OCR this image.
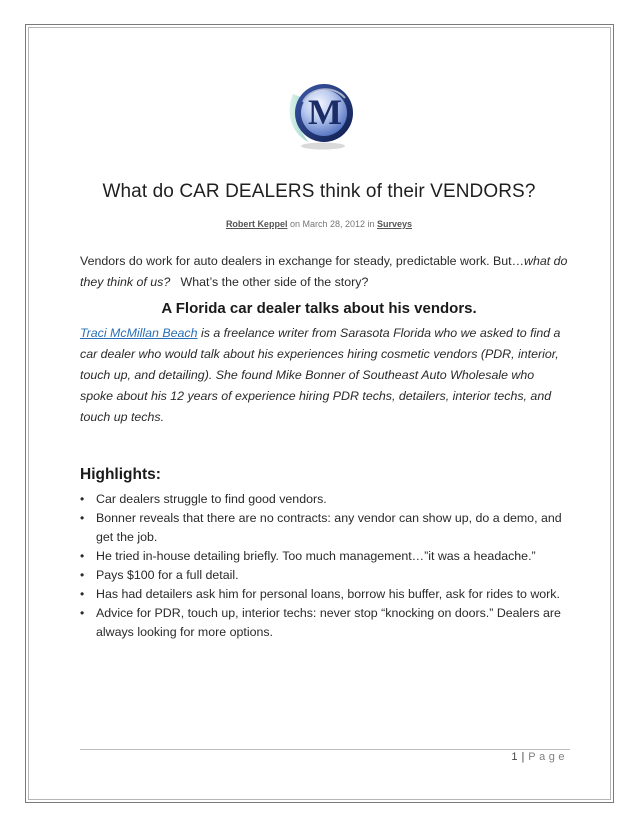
M
What do CAR DEALERS think of their VENDORS?
Robert Keppel on March 28, 2012 in Surveys
Vendors do work for auto dealers in exchange for steady, predictable work. But…what do they think of us?   What’s the other side of the story?
A Florida car dealer talks about his vendors.
Traci McMillan Beach is a freelance writer from Sarasota Florida who we asked to find a car dealer who would talk about his experiences hiring cosmetic vendors (PDR, interior, touch up, and detailing). She found Mike Bonner of Southeast Auto Wholesale who spoke about his 12 years of experience hiring PDR techs, detailers, interior techs, and touch up techs.
Highlights:
• Car dealers struggle to find good vendors.
• Bonner reveals that there are no contracts: any vendor can show up, do a demo, and get the job.
• He tried in-house detailing briefly. Too much management…”it was a headache.”
• Pays $100 for a full detail.
• Has had detailers ask him for personal loans, borrow his buffer, ask for rides to work.
• Advice for PDR, touch up, interior techs: never stop “knocking on doors.” Dealers are always looking for more options.
1 | Page
